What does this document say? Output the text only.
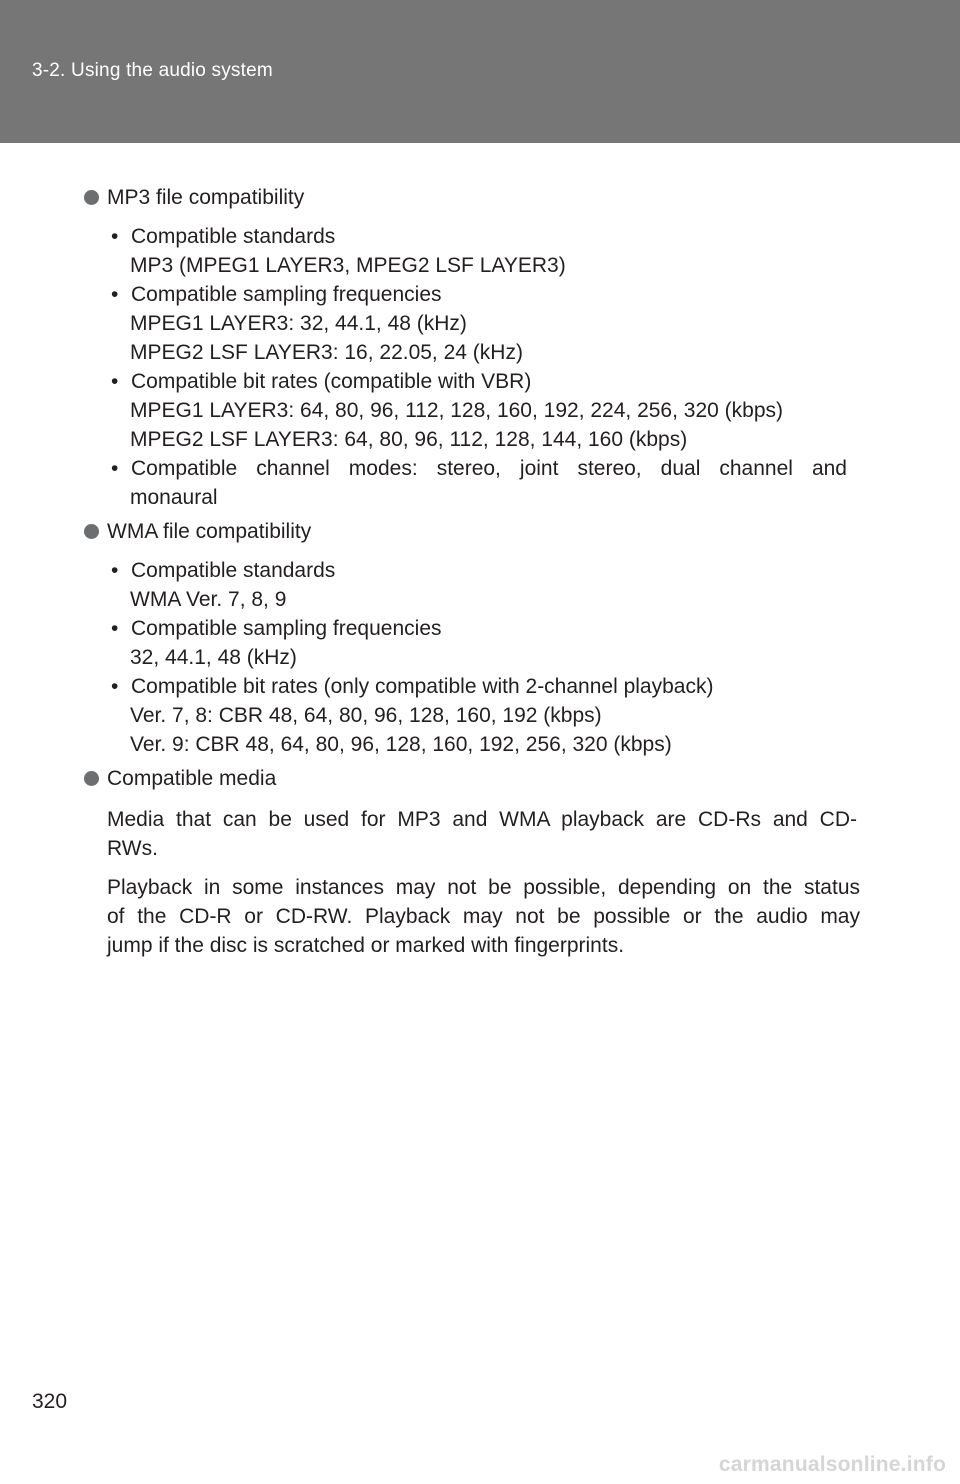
3-2. Using the audio system
MP3 file compatibility
• Compatible standards
MP3 (MPEG1 LAYER3, MPEG2 LSF LAYER3)
• Compatible sampling frequencies
MPEG1 LAYER3: 32, 44.1, 48 (kHz)
MPEG2 LSF LAYER3: 16, 22.05, 24 (kHz)
• Compatible bit rates (compatible with VBR)
MPEG1 LAYER3: 64, 80, 96, 112, 128, 160, 192, 224, 256, 320 (kbps)
MPEG2 LSF LAYER3: 64, 80, 96, 112, 128, 144, 160 (kbps)
• Compatible channel modes: stereo, joint stereo, dual channel and
monaural
WMA file compatibility
• Compatible standards
WMA Ver. 7, 8, 9
• Compatible sampling frequencies
32, 44.1, 48 (kHz)
• Compatible bit rates (only compatible with 2-channel playback)
Ver. 7, 8: CBR 48, 64, 80, 96, 128, 160, 192 (kbps)
Ver. 9: CBR 48, 64, 80, 96, 128, 160, 192, 256, 320 (kbps)
Compatible media
Media that can be used for MP3 and WMA playback are CD-Rs and CD-
RWs.
Playback in some instances may not be possible, depending on the status
of the CD-R or CD-RW. Playback may not be possible or the audio may
jump if the disc is scratched or marked with fingerprints.
320
carmanualsonline.info
